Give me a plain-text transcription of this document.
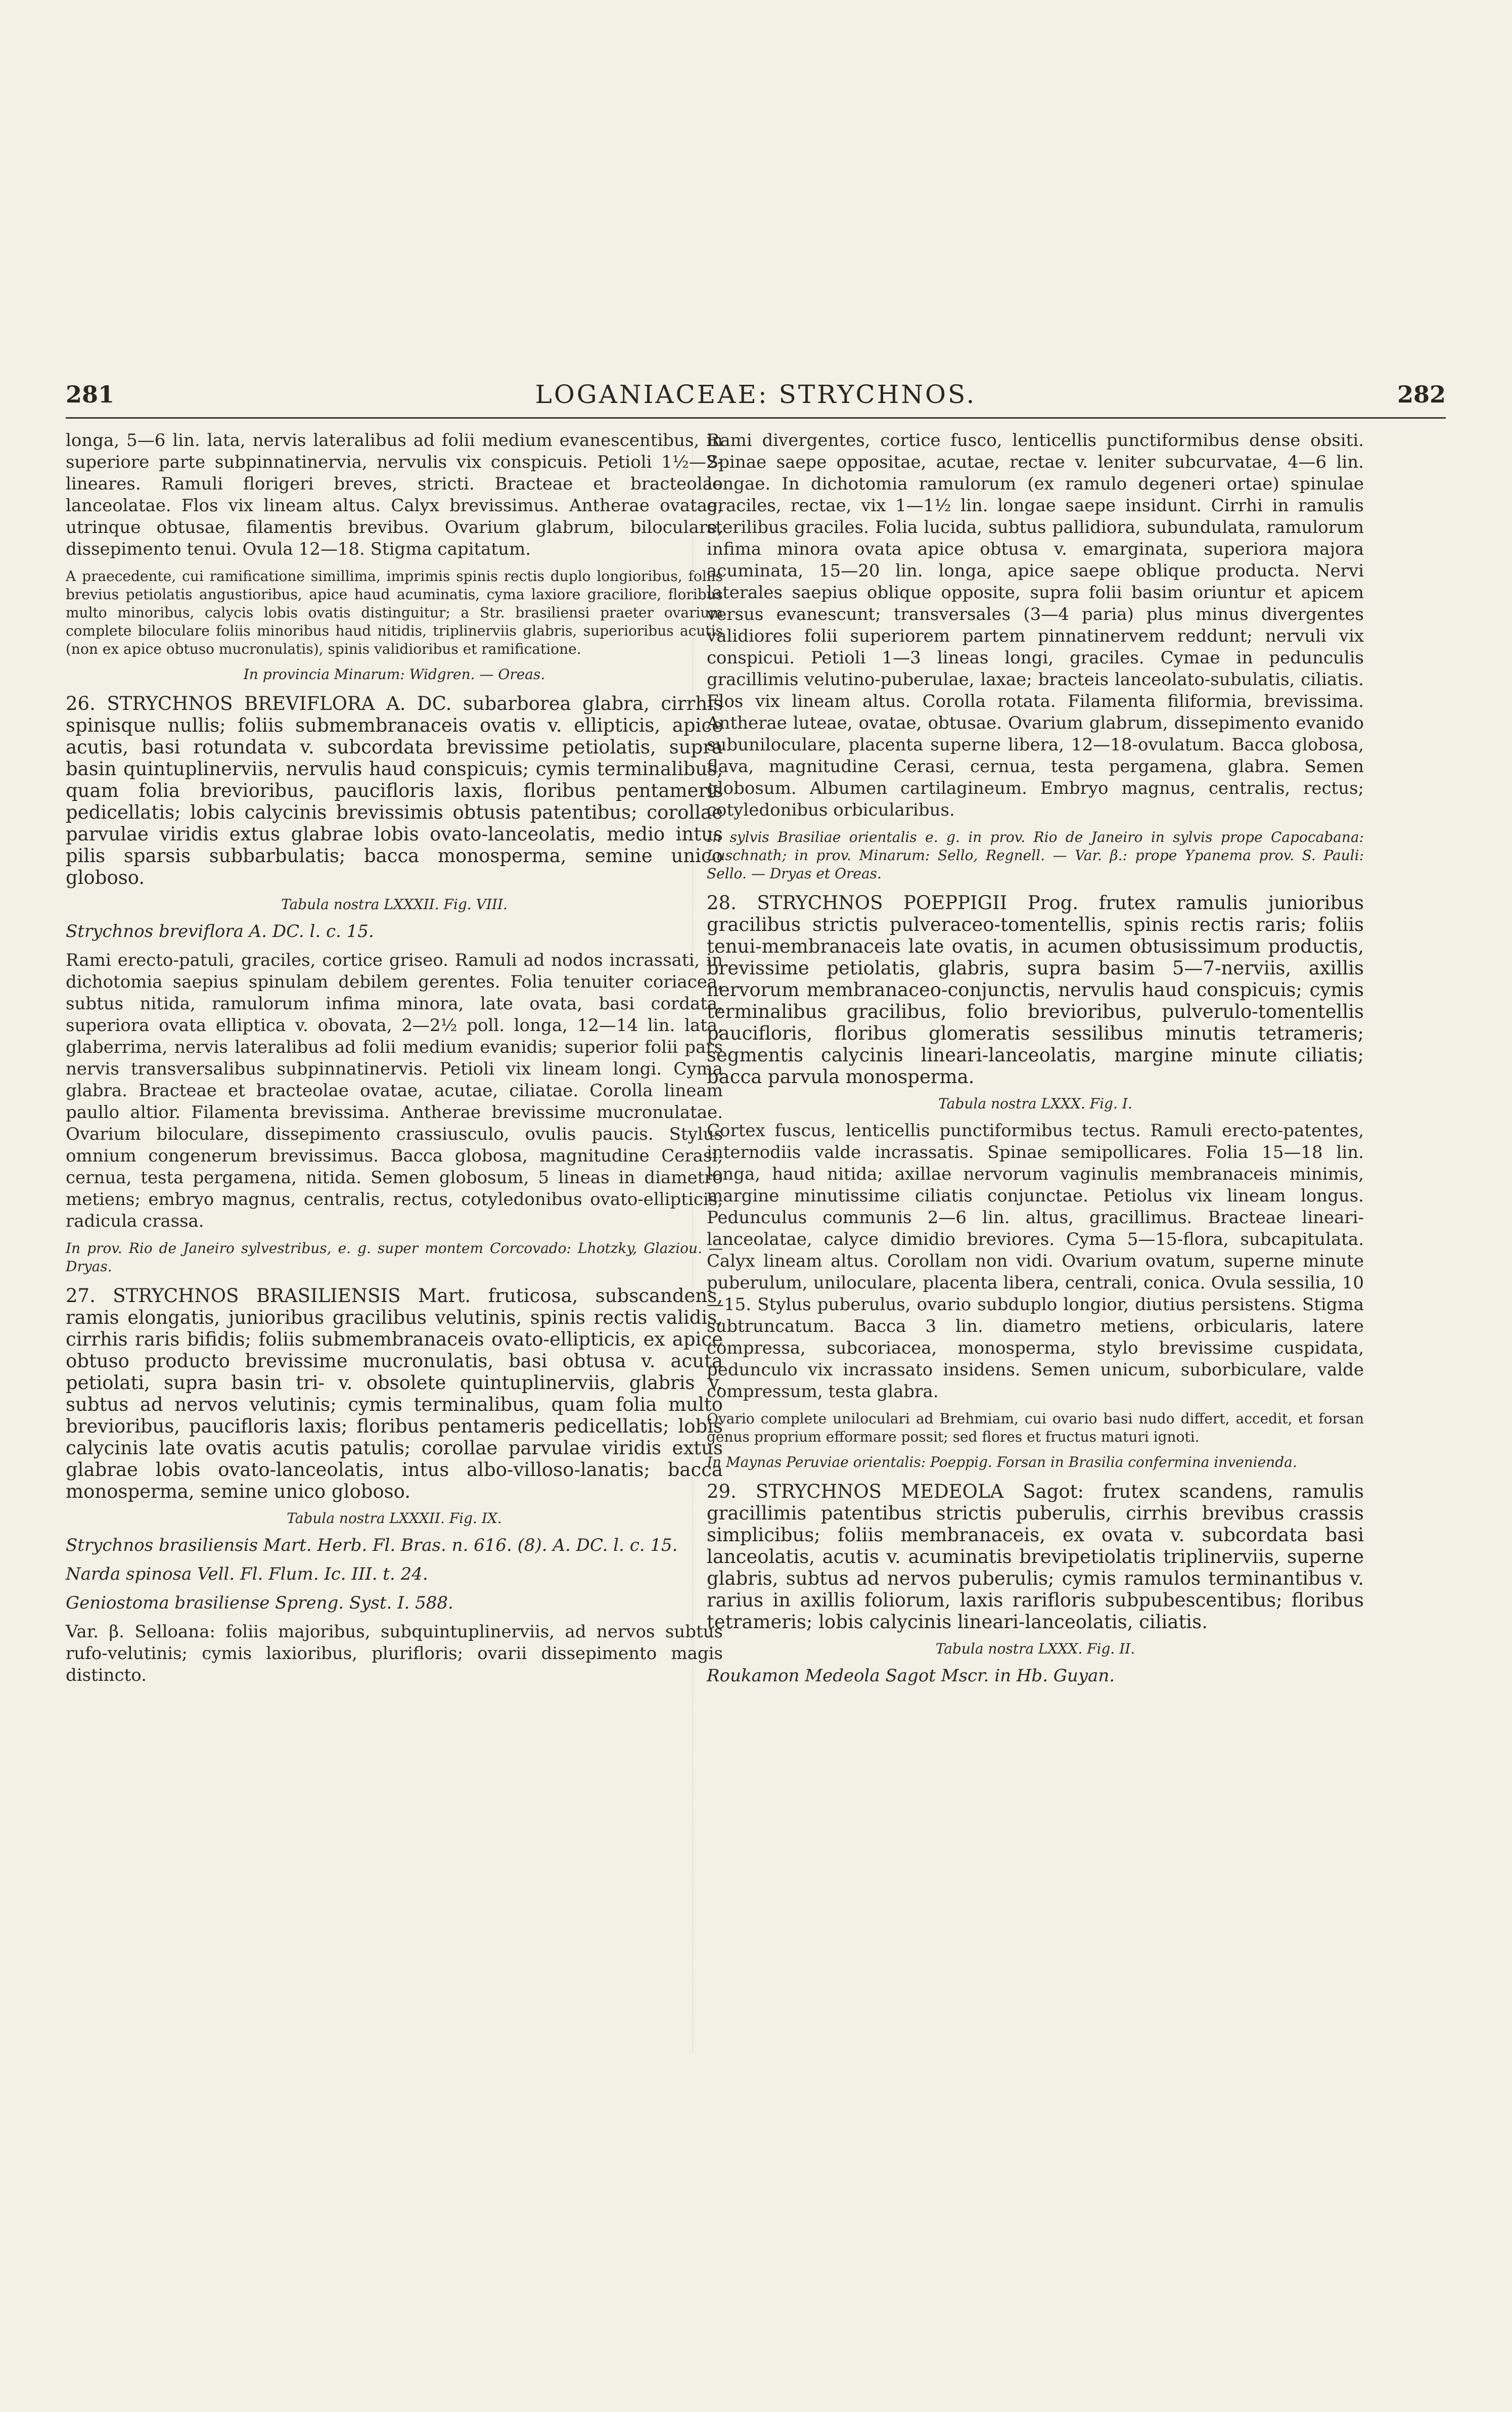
281	LOGANIACEAE: STRYCHNOS.	282

longa, 5—6 lin. lata, nervis lateralibus ad folii medium evanescentibus, in superiore parte subpinnatinervia, nervulis vix conspicuis. Petioli 1½—2-lineares. Ramuli florigeri breves, stricti. Bracteae et bracteolae lanceolatae. Flos vix lineam altus. Calyx brevissimus. Antherae ovatae, utrinque obtusae, filamentis brevibus. Ovarium glabrum, biloculare, dissepimento tenui. Ovula 12—18. Stigma capitatum.

A praecedente, cui ramificatione simillima, imprimis spinis rectis duplo longioribus, foliis brevius petiolatis angustioribus, apice haud acuminatis, cyma laxiore graciliore, floribus multo minoribus, calycis lobis ovatis distinguitur; a Str. brasiliensi praeter ovarium complete biloculare foliis minoribus haud nitidis, triplinerviis glabris, superioribus acutis (non ex apice obtuso mucronulatis), spinis validioribus et ramificatione.

In provincia Minarum: Widgren. — Oreas.

26. STRYCHNOS BREVIFLORA A. DC. subarborea glabra, cirrhis spinisque nullis; foliis submembranaceis ovatis v. ellipticis, apice acutis, basi rotundata v. subcordata brevissime petiolatis, supra basin quintuplinerviis, nervulis haud conspicuis; cymis terminalibus, quam folia brevioribus, paucifloris laxis, floribus pentameris pedicellatis; lobis calycinis brevissimis obtusis patentibus; corollae parvulae viridis extus glabrae lobis ovato-lanceolatis, medio intus pilis sparsis subbarbulatis; bacca monosperma, semine unico globoso.

Tabula nostra LXXXII. Fig. VIII.

Strychnos breviflora A. DC. l. c. 15.

Rami erecto-patuli, graciles, cortice griseo. Ramuli ad nodos incrassati, in dichotomia saepius spinulam debilem gerentes. Folia tenuiter coriacea, subtus nitida, ramulorum infima minora, late ovata, basi cordata, superiora ovata elliptica v. obovata, 2—2½ poll. longa, 12—14 lin. lata, glaberrima, nervis lateralibus ad folii medium evanidis; superior folii pars nervis transversalibus subpinnatinervis. Petioli vix lineam longi. Cyma glabra. Bracteae et bracteolae ovatae, acutae, ciliatae. Corolla lineam paullo altior. Filamenta brevissima. Antherae brevissime mucronulatae. Ovarium biloculare, dissepimento crassiusculo, ovulis paucis. Stylus omnium congenerum brevissimus. Bacca globosa, magnitudine Cerasi, cernua, testa pergamena, nitida. Semen globosum, 5 lineas in diametro metiens; embryo magnus, centralis, rectus, cotyledonibus ovato-ellipticis, radicula crassa.

In prov. Rio de Janeiro sylvestribus, e. g. super montem Corcovado: Lhotzky, Glaziou. — Dryas.

27. STRYCHNOS BRASILIENSIS Mart. fruticosa, subscandens, ramis elongatis, junioribus gracilibus velutinis, spinis rectis validis, cirrhis raris bifidis; foliis submembranaceis ovato-ellipticis, ex apice obtuso producto brevissime mucronulatis, basi obtusa v. acuta petiolati, supra basin tri- v. obsolete quintuplinerviis, glabris v. subtus ad nervos velutinis; cymis terminalibus, quam folia multo brevioribus, paucifloris laxis; floribus pentameris pedicellatis; lobis calycinis late ovatis acutis patulis; corollae parvulae viridis extus glabrae lobis ovato-lanceolatis, intus albo-villoso-lanatis; bacca monosperma, semine unico globoso.

Tabula nostra LXXXII. Fig. IX.

Strychnos brasiliensis Mart. Herb. Fl. Bras. n. 616. (8). A. DC. l. c. 15.

Narda spinosa Vell. Fl. Flum. Ic. III. t. 24.

Geniostoma brasiliense Spreng. Syst. I. 588.

Var. β. Selloana: foliis majoribus, subquintuplinerviis, ad nervos subtus rufo-velutinis; cymis laxioribus, plurifloris; ovarii dissepimento magis distincto.

Rami divergentes, cortice fusco, lenticellis punctiformibus dense obsiti. Spinae saepe oppositae, acutae, rectae v. leniter subcurvatae, 4—6 lin. longae. In dichotomia ramulorum (ex ramulo degeneri ortae) spinulae graciles, rectae, vix 1—1½ lin. longae saepe insidunt. Cirrhi in ramulis sterilibus graciles. Folia lucida, subtus pallidiora, subundulata, ramulorum infima minora ovata apice obtusa v. emarginata, superiora majora acuminata, 15—20 lin. longa, apice saepe oblique producta. Nervi laterales saepius oblique opposite, supra folii basim oriuntur et apicem versus evanescunt; transversales (3—4 paria) plus minus divergentes validiores folii superiorem partem pinnatinervem reddunt; nervuli vix conspicui. Petioli 1—3 lineas longi, graciles. Cymae in pedunculis gracillimis velutino-puberulae, laxae; bracteis lanceolato-subulatis, ciliatis. Flos vix lineam altus. Corolla rotata. Filamenta filiformia, brevissima. Antherae luteae, ovatae, obtusae. Ovarium glabrum, dissepimento evanido subuniloculare, placenta superne libera, 12—18-ovulatum. Bacca globosa, flava, magnitudine Cerasi, cernua, testa pergamena, glabra. Semen globosum. Albumen cartilagineum. Embryo magnus, centralis, rectus; cotyledonibus orbicularibus.

In sylvis Brasiliae orientalis e. g. in prov. Rio de Janeiro in sylvis prope Capocabana: Luschnath; in prov. Minarum: Sello, Regnell. — Var. β.: prope Ypanema prov. S. Pauli: Sello. — Dryas et Oreas.

28. STRYCHNOS POEPPIGII Prog. frutex ramulis junioribus gracilibus strictis pulveraceo-tomentellis, spinis rectis raris; foliis tenui-membranaceis late ovatis, in acumen obtusissimum productis, brevissime petiolatis, glabris, supra basim 5—7-nerviis, axillis nervorum membranaceo-conjunctis, nervulis haud conspicuis; cymis terminalibus gracilibus, folio brevioribus, pulverulo-tomentellis paucifloris, floribus glomeratis sessilibus minutis tetrameris; segmentis calycinis lineari-lanceolatis, margine minute ciliatis; bacca parvula monosperma.

Tabula nostra LXXX. Fig. I.

Cortex fuscus, lenticellis punctiformibus tectus. Ramuli erecto-patentes, internodiis valde incrassatis. Spinae semipollicares. Folia 15—18 lin. longa, haud nitida; axillae nervorum vaginulis membranaceis minimis, margine minutissime ciliatis conjunctae. Petiolus vix lineam longus. Pedunculus communis 2—6 lin. altus, gracillimus. Bracteae lineari-lanceolatae, calyce dimidio breviores. Cyma 5—15-flora, subcapitulata. Calyx lineam altus. Corollam non vidi. Ovarium ovatum, superne minute puberulum, uniloculare, placenta libera, centrali, conica. Ovula sessilia, 10—15. Stylus puberulus, ovario subduplo longior, diutius persistens. Stigma subtruncatum. Bacca 3 lin. diametro metiens, orbicularis, latere compressa, subcoriacea, monosperma, stylo brevissime cuspidata, pedunculo vix incrassato insidens. Semen unicum, suborbiculare, valde compressum, testa glabra.

Ovario complete uniloculari ad Brehmiam, cui ovario basi nudo differt, accedit, et forsan genus proprium efformare possit; sed flores et fructus maturi ignoti.

In Maynas Peruviae orientalis: Poeppig. Forsan in Brasilia confermina inveniendа.

29. STRYCHNOS MEDEOLA Sagot: frutex scandens, ramulis gracillimis patentibus strictis puberulis, cirrhis brevibus crassis simplicibus; foliis membranaceis, ex ovata v. subcordata basi lanceolatis, acutis v. acuminatis brevipetiolatis triplinerviis, superne glabris, subtus ad nervos puberulis; cymis ramulos terminantibus v. rarius in axillis foliorum, laxis rarifloris subpubescentibus; floribus tetrameris; lobis calycinis lineari-lanceolatis, ciliatis.

Tabula nostra LXXX. Fig. II.

Roukamon Medeola Sagot Mscr. in Hb. Guyan.
